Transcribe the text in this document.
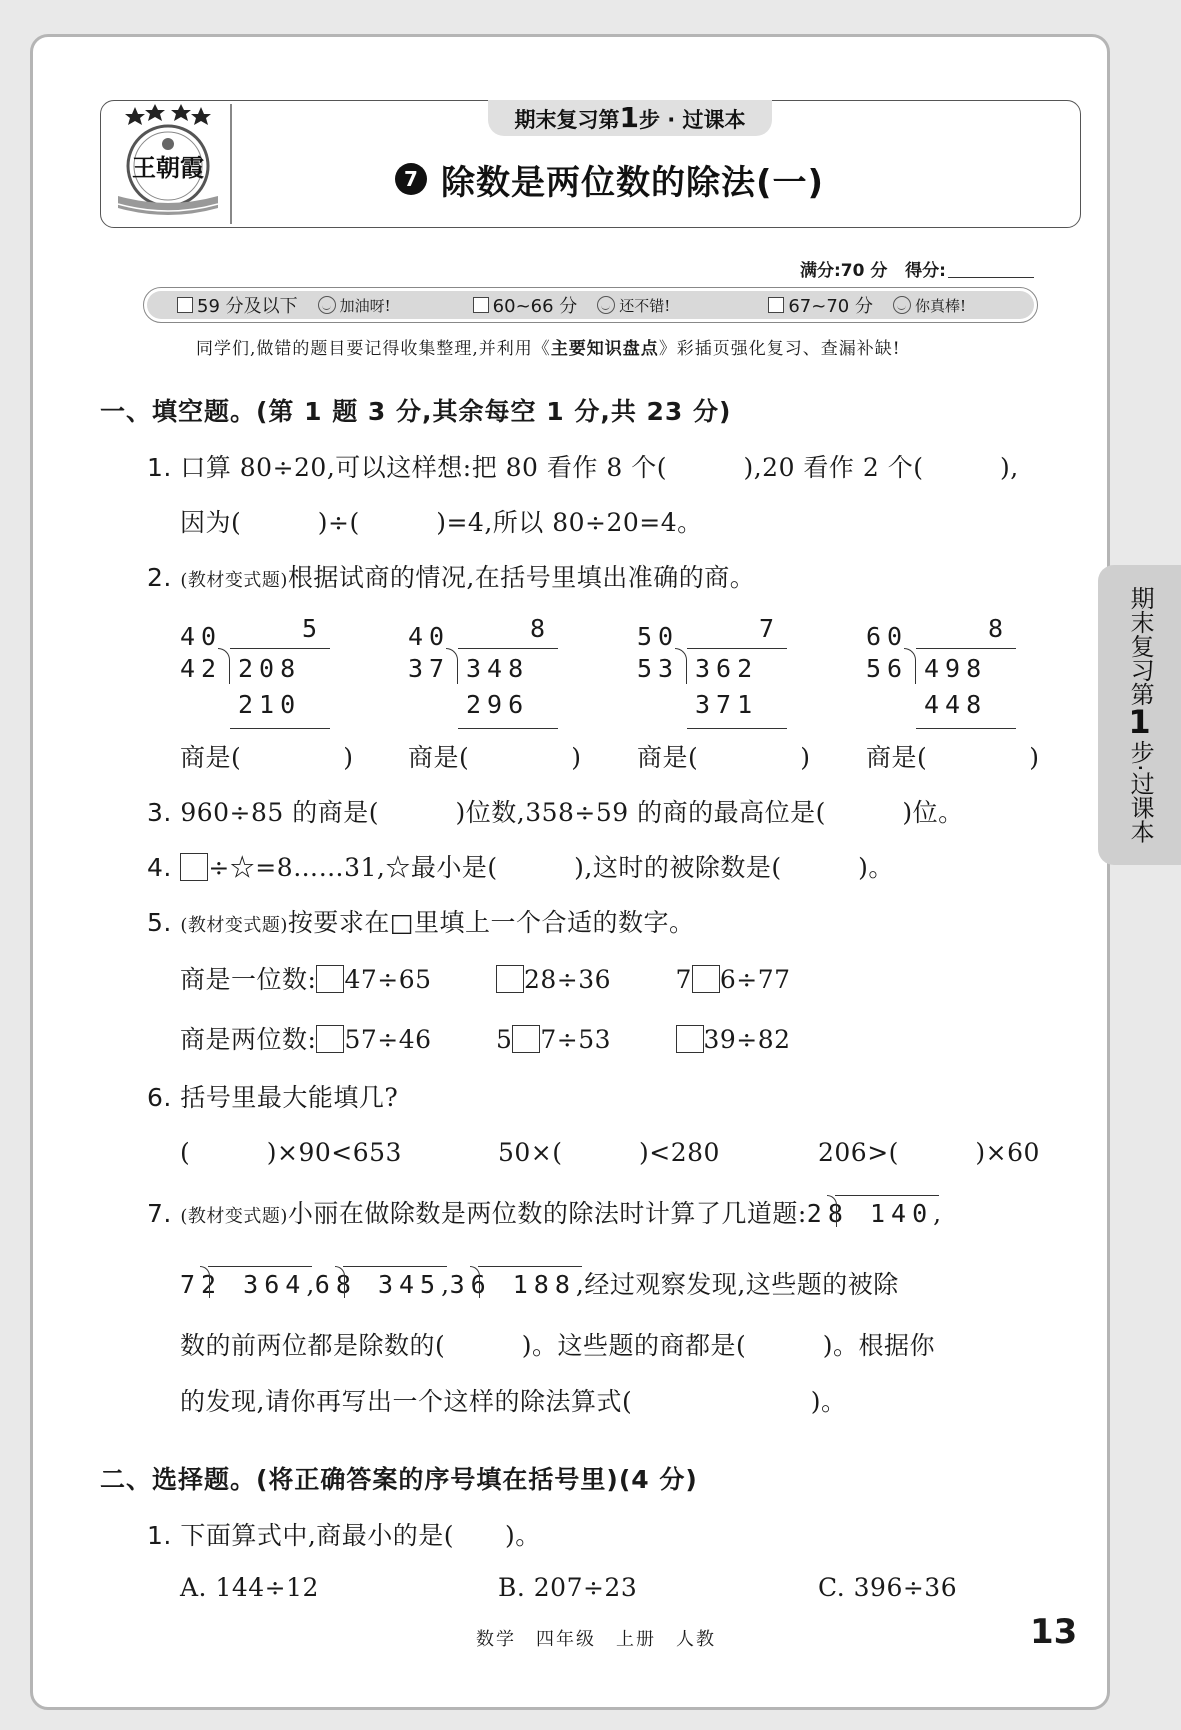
王朝霞
期末复习第1步 · 过课本
7 除数是两位数的除法(一)
满分:70 分 得分:
59 分及以下	加油呀!	60~66 分	还不错!	67~70 分	你真棒!
同学们,做错的题目要记得收集整理,并利用《主要知识盘点》彩插页强化复习、查漏补缺!
期末复习第
1
步·过课本
一、填空题。(第 1 题 3 分,其余每空 1 分,共 23 分)
1. 口算 80÷20,可以这样想:把 80 看作 8 个(　　　),20 看作 2 个(　　　),
因为(　　　)÷(　　　)=4,所以 80÷20=4。
2. (教材变式题)根据试商的情况,在括号里填出准确的商。
40	5
42 208
210
商是(　　　　)
40	8
37 348
296
商是(　　　　)
50	7
53 362
371
商是(　　　　)
60	8
56 498
448
商是(　　　　)
3. 960÷85 的商是(　　　)位数,358÷59 的商的最高位是(　　　)位。
4. ÷☆=8……31,☆最小是(　　　),这时的被除数是(　　　)。
5. (教材变式题)按要求在□里填上一个合适的数字。
商是一位数: 47÷65	28÷36	7 6÷77
商是两位数: 57÷46	5 7÷53	39÷82
6. 括号里最大能填几?
(　　　)×90<653	50×(　　　)<280	206>(　　　)×60
7. (教材变式题)小丽在做除数是两位数的除法时计算了几道题:28 140
,
72 364
,68 345
,36 188
,经过观察发现,这些题的被除
数的前两位都是除数的(　　　)。这些题的商都是(　　　)。根据你
的发现,请你再写出一个这样的除法算式(　　　　　　　)。
二、选择题。(将正确答案的序号填在括号里)(4 分)
1. 下面算式中,商最小的是(　　)。
A. 144÷12	B. 207÷23	C. 396÷36
数学　四年级　上册　人教	13
